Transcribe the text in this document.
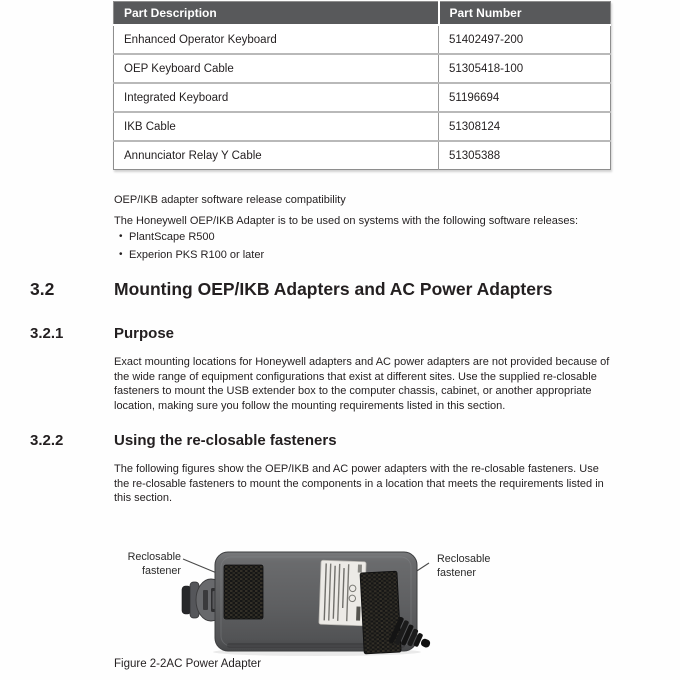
Part Description	Part Number
Enhanced Operator Keyboard	51402497-200
OEP Keyboard Cable	51305418-100
Integrated Keyboard	51196694
IKB Cable	51308124
Annunciator Relay Y Cable	51305388
OEP/IKB adapter software release compatibility
The Honeywell OEP/IKB Adapter is to be used on systems with the following software releases:
• PlantScape R500
• Experion PKS R100 or later
3.2	Mounting OEP/IKB Adapters and AC Power Adapters
3.2.1	Purpose
Exact mounting locations for Honeywell adapters and AC power adapters are not provided because of the wide range of equipment configurations that exist at different sites. Use the supplied re-closable fasteners to mount the USB extender box to the computer chassis, cabinet, or another appropriate location, making sure you follow the mounting requirements listed in this section.
3.2.2	Using the re-closable fasteners
The following figures show the OEP/IKB and AC power adapters with the re-closable fasteners. Use the re-closable fasteners to mount the components in a location that meets the requirements listed in this section.
Reclosable fastener
Reclosable fastener
Figure 2-2AC Power Adapter
